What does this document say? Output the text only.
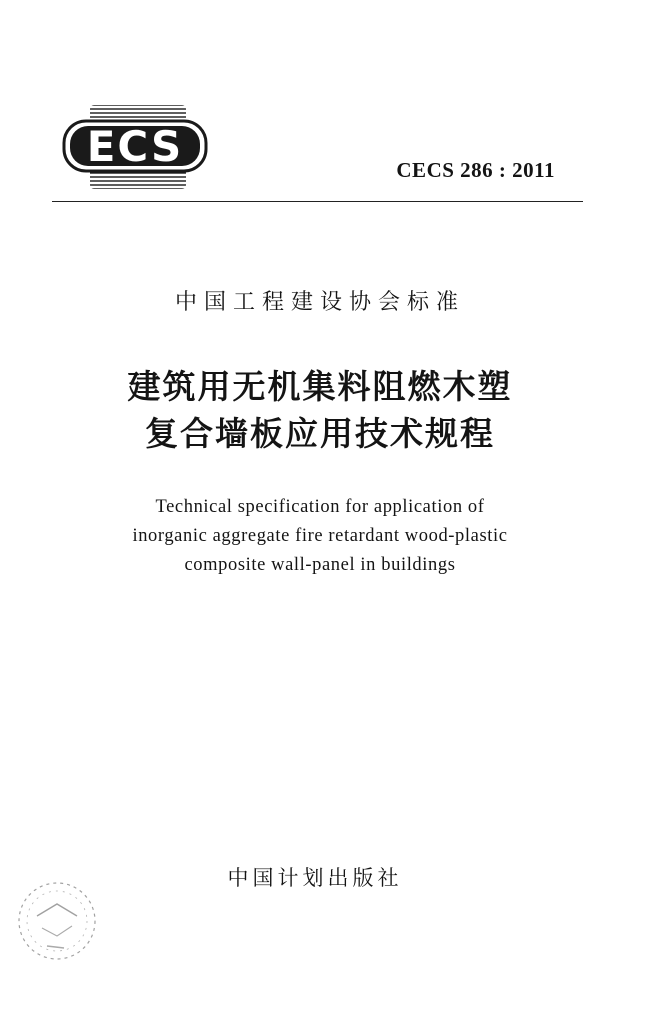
ECS	CECS 286 : 2011
中国工程建设协会标准
建筑用无机集料阻燃木塑
复合墙板应用技术规程
Technical specification for application of
inorganic aggregate fire retardant wood-plastic
composite wall-panel in buildings
中国计划出版社
